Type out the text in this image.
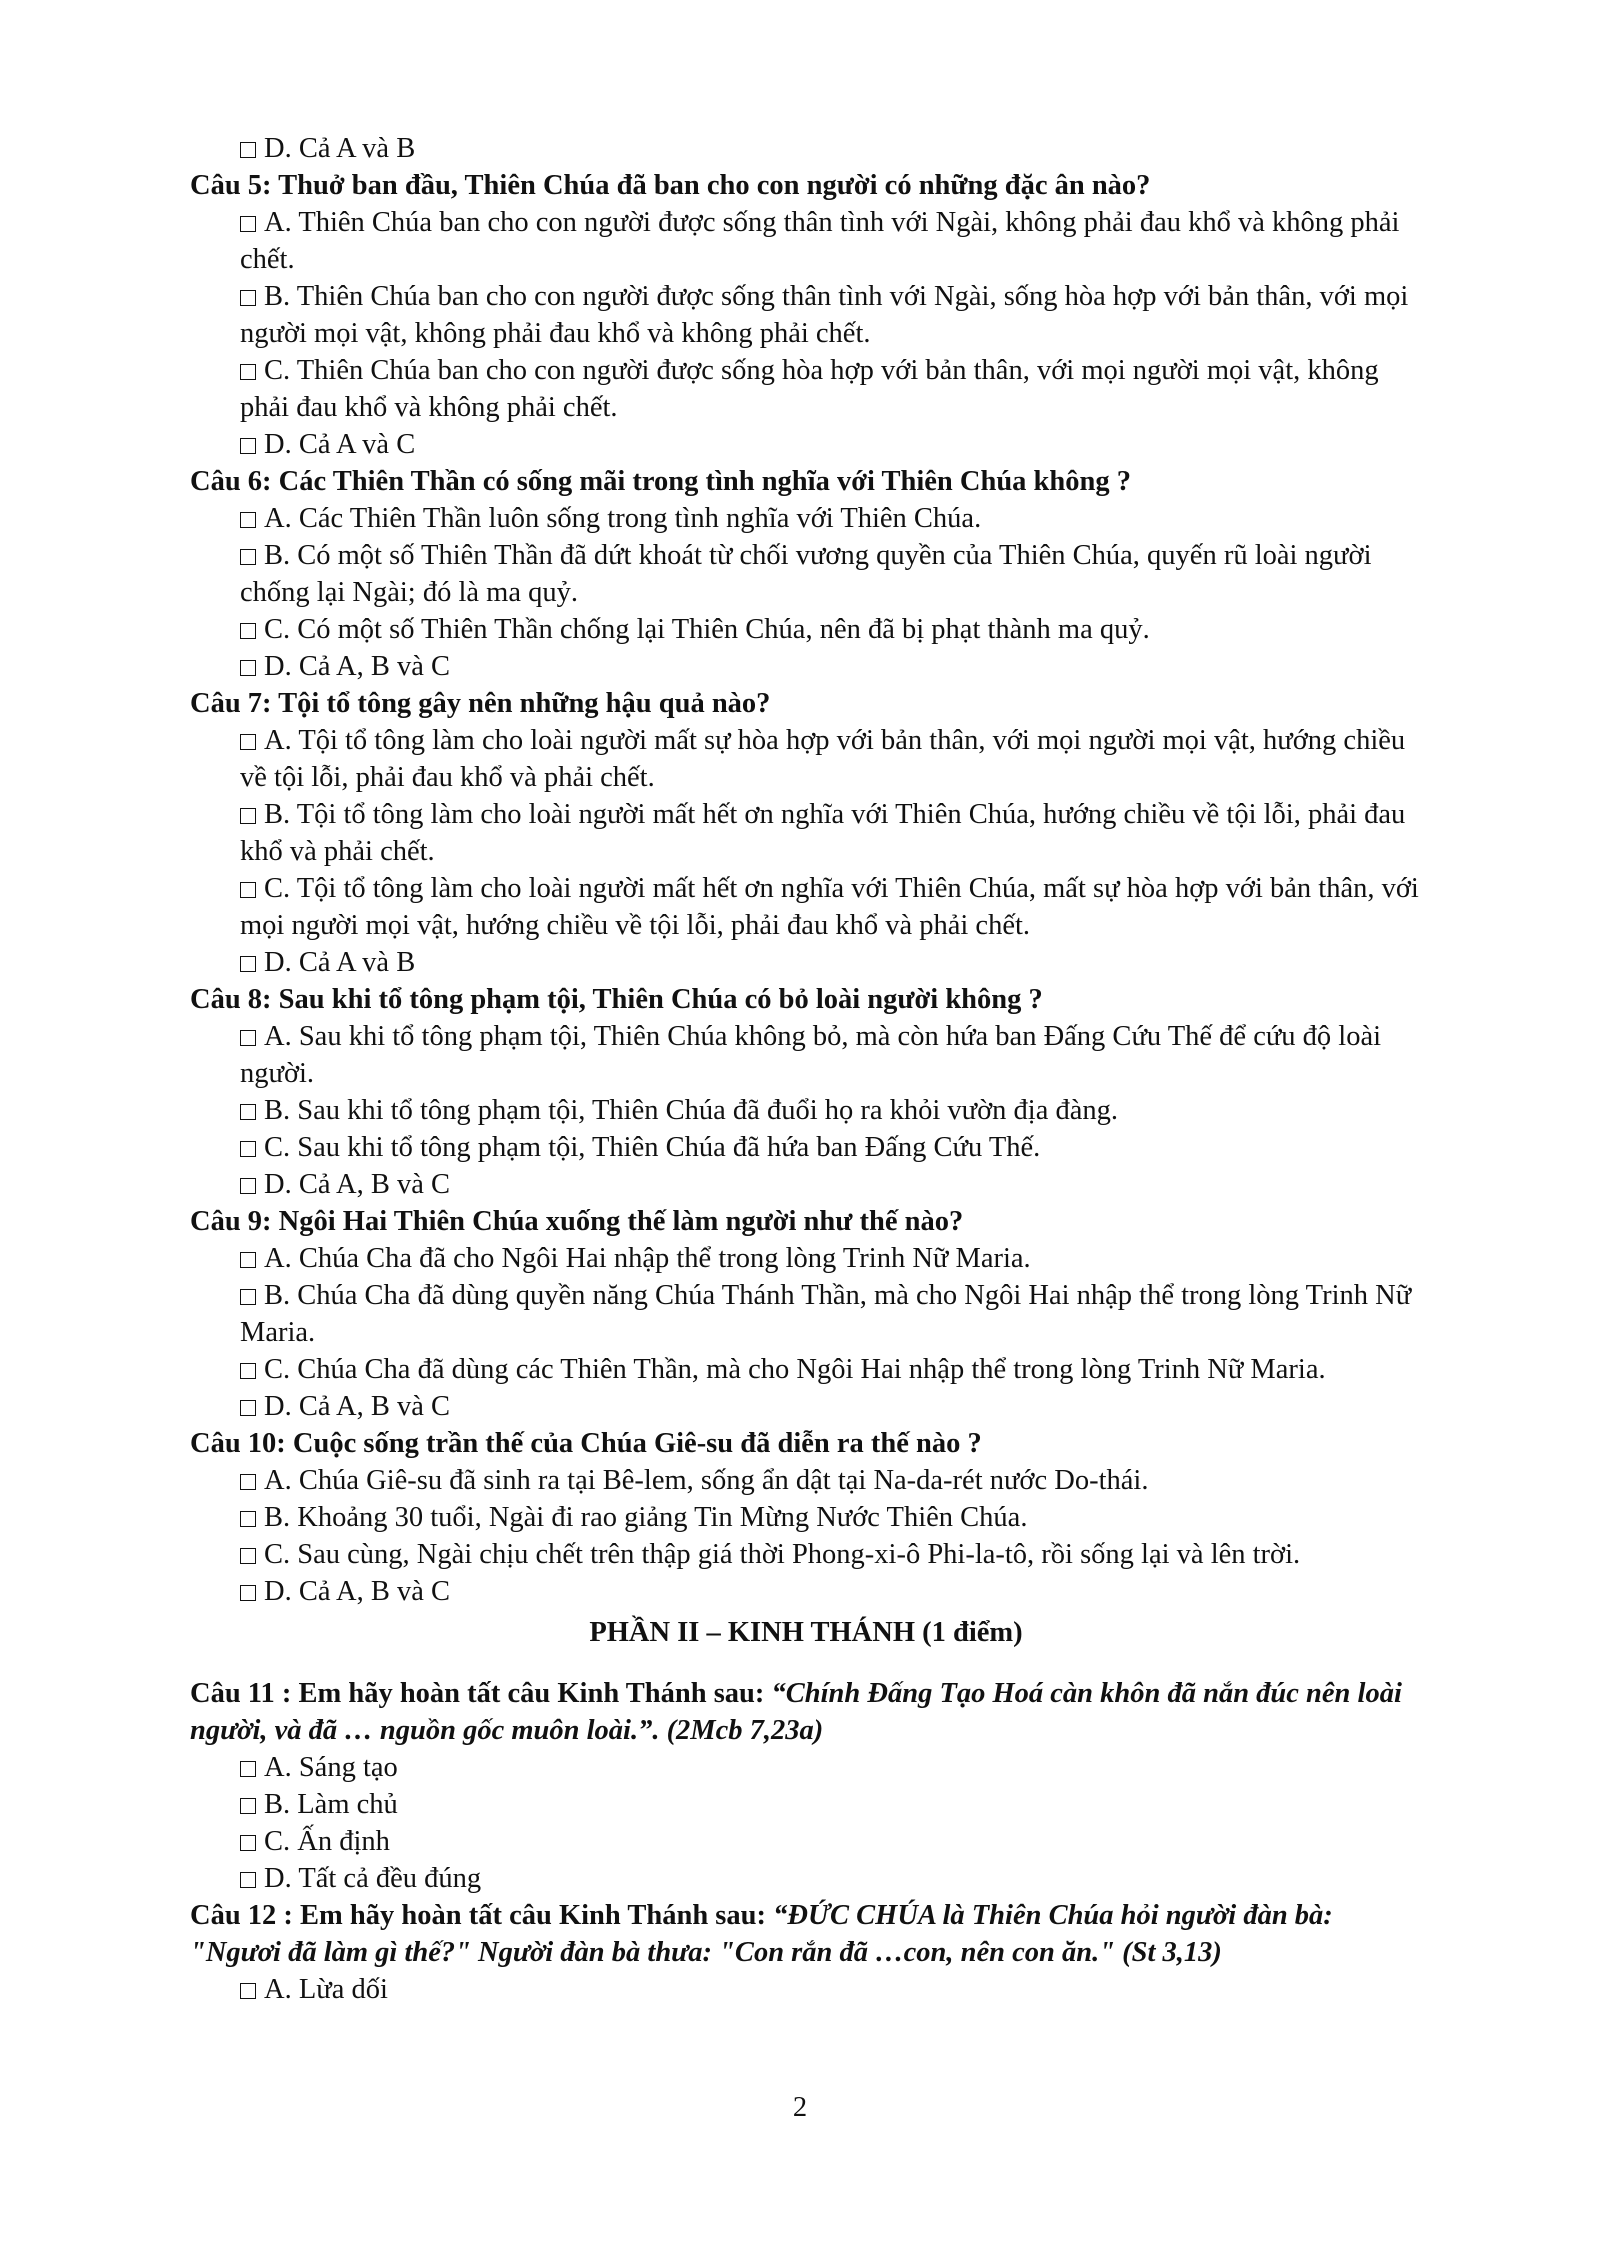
D. Cả A và B

Câu 5: Thuở ban đầu, Thiên Chúa đã ban cho con người có những đặc ân nào?

A. Thiên Chúa ban cho con người được sống thân tình với Ngài, không phải đau khổ và không phải chết.

B. Thiên Chúa ban cho con người được sống thân tình với Ngài, sống hòa hợp với bản thân, với mọi người mọi vật, không phải đau khổ và không phải chết.

C. Thiên Chúa ban cho con người được sống hòa hợp với bản thân, với mọi người mọi vật, không phải đau khổ và không phải chết.

D. Cả A và C

Câu 6: Các Thiên Thần có sống mãi trong tình nghĩa với Thiên Chúa không ?

A. Các Thiên Thần luôn sống trong tình nghĩa với Thiên Chúa.

B. Có một số Thiên Thần đã dứt khoát từ chối vương quyền của Thiên Chúa, quyến rũ loài người chống lại Ngài; đó là ma quỷ.

C. Có một số Thiên Thần chống lại Thiên Chúa, nên đã bị phạt thành ma quỷ.

D. Cả A, B và C

Câu 7: Tội tổ tông gây nên những hậu quả nào?

A. Tội tổ tông làm cho loài người mất sự hòa hợp với bản thân, với mọi người mọi vật, hướng chiều về tội lỗi, phải đau khổ và phải chết.

B. Tội tổ tông làm cho loài người mất hết ơn nghĩa với Thiên Chúa, hướng chiều về tội lỗi, phải đau khổ và phải chết.

C. Tội tổ tông làm cho loài người mất hết ơn nghĩa với Thiên Chúa, mất sự hòa hợp với bản thân, với mọi người mọi vật, hướng chiều về tội lỗi, phải đau khổ và phải chết.

D. Cả A và B

Câu 8: Sau khi tổ tông phạm tội, Thiên Chúa có bỏ loài người không ?

A. Sau khi tổ tông phạm tội, Thiên Chúa không bỏ, mà còn hứa ban Đấng Cứu Thế để cứu độ loài người.

B. Sau khi tổ tông phạm tội, Thiên Chúa đã đuổi họ ra khỏi vườn địa đàng.

C. Sau khi tổ tông phạm tội, Thiên Chúa đã hứa ban Đấng Cứu Thế.

D. Cả A, B và C

Câu 9: Ngôi Hai Thiên Chúa xuống thế làm người như thế nào?

A. Chúa Cha đã cho Ngôi Hai nhập thể trong lòng Trinh Nữ Maria.

B. Chúa Cha đã dùng quyền năng Chúa Thánh Thần, mà cho Ngôi Hai nhập thể trong lòng Trinh Nữ Maria.

C. Chúa Cha đã dùng các Thiên Thần, mà cho Ngôi Hai nhập thể trong lòng Trinh Nữ Maria.

D. Cả A, B và C

Câu 10: Cuộc sống trần thế của Chúa Giê-su đã diễn ra thế nào ?

A. Chúa Giê-su đã sinh ra tại Bê-lem, sống ẩn dật tại Na-da-rét nước Do-thái.

B. Khoảng 30 tuổi, Ngài đi rao giảng Tin Mừng Nước Thiên Chúa.

C. Sau cùng, Ngài chịu chết trên thập giá thời Phong-xi-ô Phi-la-tô, rồi sống lại và lên trời.

D. Cả A, B và C

PHẦN II – KINH THÁNH (1 điểm)

Câu 11 : Em hãy hoàn tất câu Kinh Thánh sau: “Chính Đấng Tạo Hoá càn khôn đã nắn đúc nên loài người, và đã … nguồn gốc muôn loài.”. (2Mcb 7,23a)

A. Sáng tạo

B. Làm chủ

C. Ấn định

D. Tất cả đều đúng

Câu 12 : Em hãy hoàn tất câu Kinh Thánh sau: “ĐỨC CHÚA là Thiên Chúa hỏi người đàn bà: "Ngươi đã làm gì thế?" Người đàn bà thưa: "Con rắn đã …con, nên con ăn." (St 3,13)

A. Lừa dối

2
